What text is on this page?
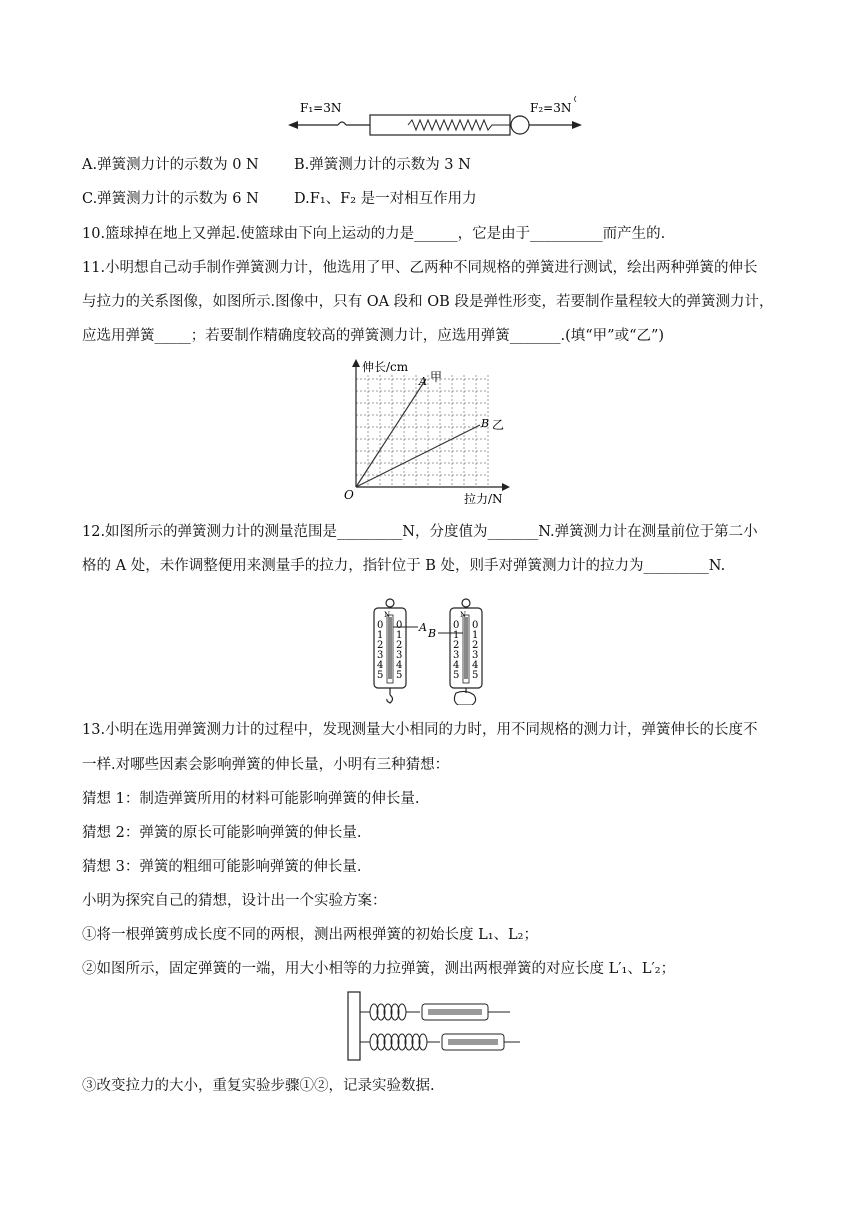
F₁=3N	F₂=3N
A.弹簧测力计的示数为 0 N B.弹簧测力计的示数为 3 N
C.弹簧测力计的示数为 6 N D.F₁、F₂ 是一对相互作用力
10.篮球掉在地上又弹起.使篮球由下向上运动的力是______，它是由于__________而产生的.
11.小明想自己动手制作弹簧测力计，他选用了甲、乙两种不同规格的弹簧进行测试，绘出两种弹簧的伸长
与拉力的关系图像，如图所示.图像中，只有 OA 段和 OB 段是弹性形变，若要制作量程较大的弹簧测力计，
应选用弹簧_____；若要制作精确度较高的弹簧测力计，应选用弹簧_______.(填“甲”或“乙”)
伸长/cm
拉力/N
O
A 甲
B 乙
12.如图所示的弹簧测力计的测量范围是_________N，分度值为_______N.弹簧测力计在测量前位于第二小
格的 A 处，未作调整便用来测量手的拉力，指针位于 B 处，则手对弹簧测力计的拉力为_________N.
N
0
1
2
3
4
5
0
1
2
3
4
5
A
N
0
1
2
3
4
5
0
1
2
3
4
5
B
13.小明在选用弹簧测力计的过程中，发现测量大小相同的力时，用不同规格的测力计，弹簧伸长的长度不
一样.对哪些因素会影响弹簧的伸长量，小明有三种猜想：
猜想 1：制造弹簧所用的材料可能影响弹簧的伸长量.
猜想 2：弹簧的原长可能影响弹簧的伸长量.
猜想 3：弹簧的粗细可能影响弹簧的伸长量.
小明为探究自己的猜想，设计出一个实验方案：
①将一根弹簧剪成长度不同的两根，测出两根弹簧的初始长度 L₁、L₂；
②如图所示，固定弹簧的一端，用大小相等的力拉弹簧，测出两根弹簧的对应长度 L′₁、L′₂；
③改变拉力的大小，重复实验步骤①②，记录实验数据.
